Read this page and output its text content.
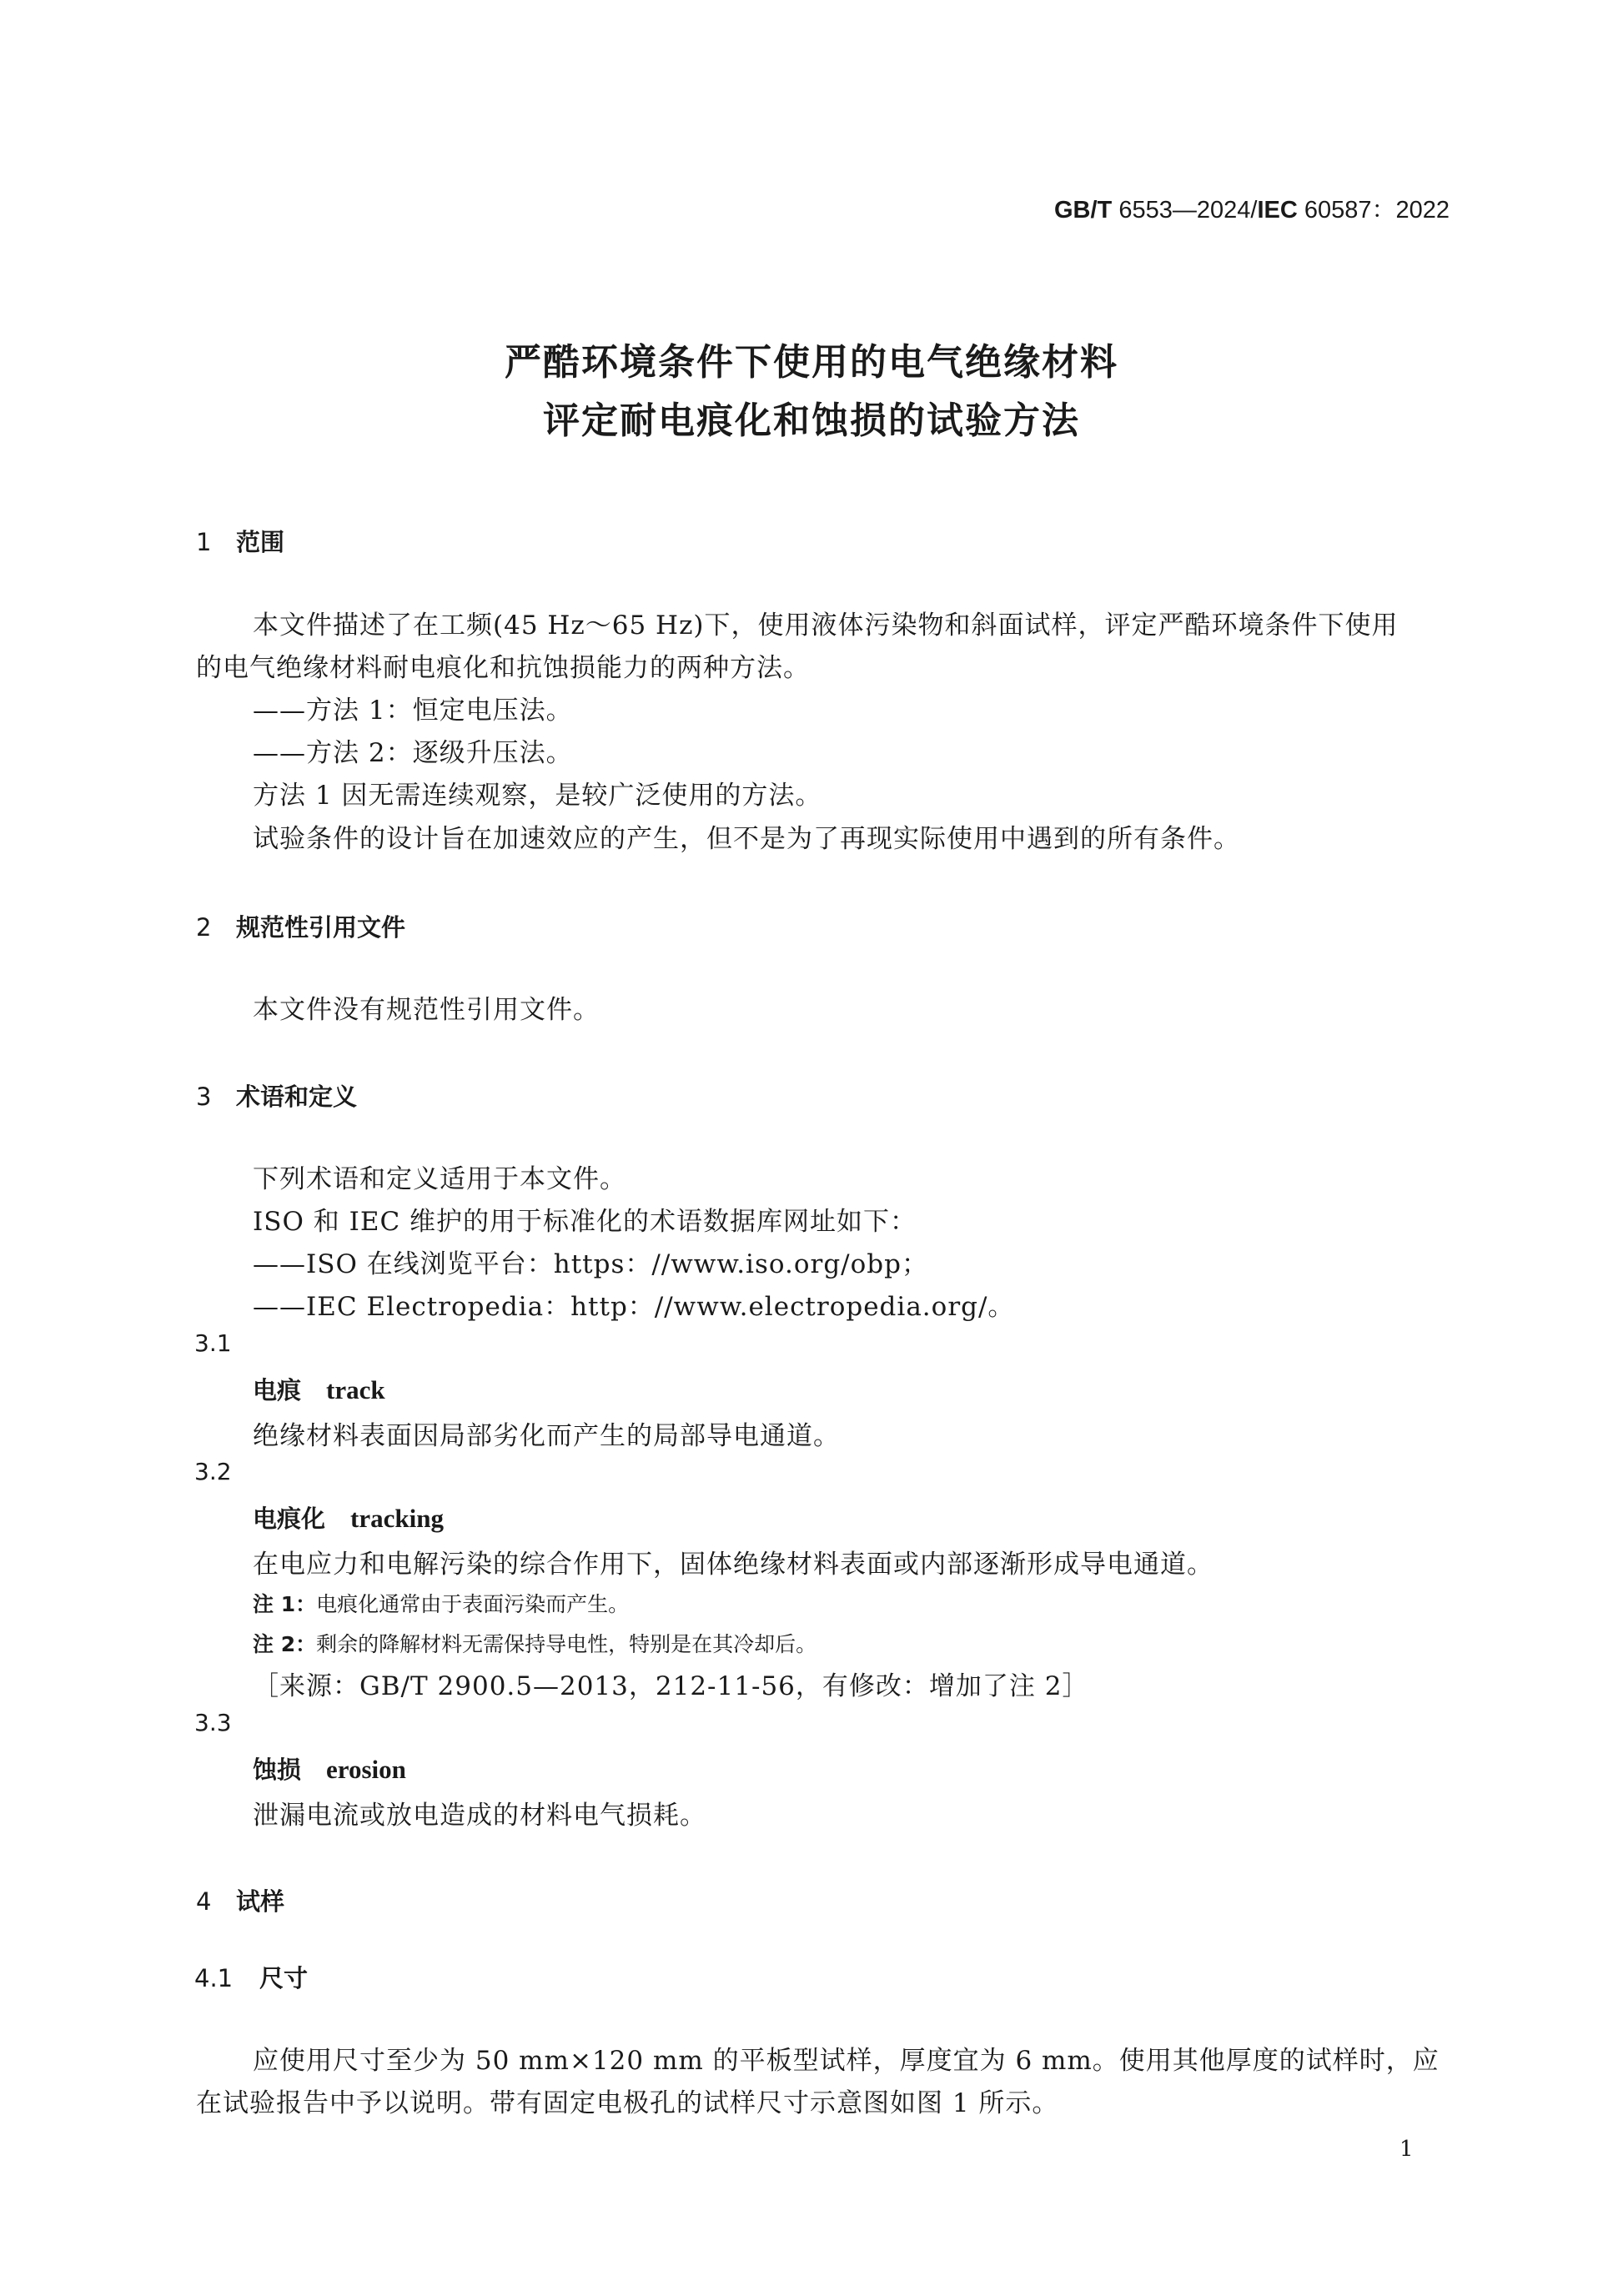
GB/T 6553—2024/IEC 60587：2022
严酷环境条件下使用的电气绝缘材料
评定耐电痕化和蚀损的试验方法
1 范围
本文件描述了在工频(45 Hz～65 Hz)下，使用液体污染物和斜面试样，评定严酷环境条件下使用
的电气绝缘材料耐电痕化和抗蚀损能力的两种方法。
——方法 1：恒定电压法。
——方法 2：逐级升压法。
方法 1 因无需连续观察，是较广泛使用的方法。
试验条件的设计旨在加速效应的产生，但不是为了再现实际使用中遇到的所有条件。
2 规范性引用文件
本文件没有规范性引用文件。
3 术语和定义
下列术语和定义适用于本文件。
ISO 和 IEC 维护的用于标准化的术语数据库网址如下：
——ISO 在线浏览平台：https：//www.iso.org/obp；
——IEC Electropedia：http：//www.electropedia.org/。
3.1
电痕 track
绝缘材料表面因局部劣化而产生的局部导电通道。
3.2
电痕化 tracking
在电应力和电解污染的综合作用下，固体绝缘材料表面或内部逐渐形成导电通道。
注 1：电痕化通常由于表面污染而产生。
注 2：剩余的降解材料无需保持导电性，特别是在其冷却后。
［来源：GB/T 2900.5—2013，212-11-56，有修改：增加了注 2］
3.3
蚀损 erosion
泄漏电流或放电造成的材料电气损耗。
4 试样
4.1 尺寸
应使用尺寸至少为 50 mm×120 mm 的平板型试样，厚度宜为 6 mm。使用其他厚度的试样时，应
在试验报告中予以说明。带有固定电极孔的试样尺寸示意图如图 1 所示。
1
